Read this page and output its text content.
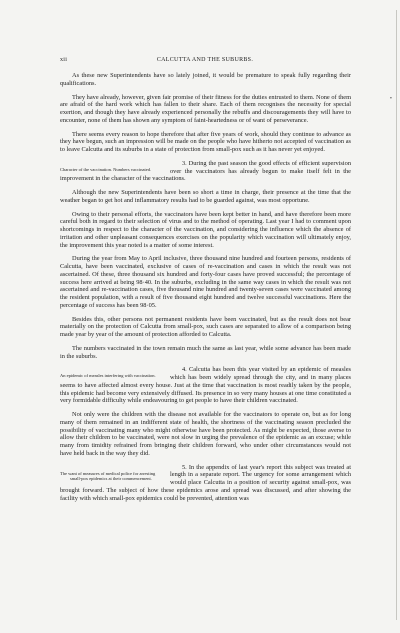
•
xii	CALCUTTA AND THE SUBURBS.

As these new Superintendents have so lately joined, it would be premature to speak fully regarding their qualifications.

They have already, however, given fair promise of their fitness for the duties entrusted to them. None of them are afraid of the hard work which has fallen to their share. Each of them recognises the necessity for special exertion, and though they have already experienced personally the rebuffs and discouragements they will have to encounter, none of them has shown any symptom of faint-heartedness or of want of perseverance.

There seems every reason to hope therefore that after five years of work, should they continue to advance as they have begun, such an impression will be made on the people who have hitherto not accepted of vaccination as to leave Calcutta and its suburbs in a state of protection from small-pox such as it has never yet enjoyed.

Character of the vaccination. Numbers vaccinated.

3. During the past season the good effects of efficient supervision over the vaccinators has already begun to make itself felt in the improvement in the character of the vaccinations.

Although the new Superintendents have been so short a time in charge, their presence at the time that the weather began to get hot and inflammatory results had to be guarded against, was most opportune.

Owing to their personal efforts, the vaccinators have been kept better in hand, and have therefore been more careful both in regard to their selection of virus and to the method of operating. Last year I had to comment upon shortcomings in respect to the character of the vaccination, and considering the influence which the absence of irritation and other unpleasant consequences exercises on the popularity which vaccination will ultimately enjoy, the improvement this year noted is a matter of some interest.

During the year from May to April inclusive, three thousand nine hundred and fourteen persons, residents of Calcutta, have been vaccinated, exclusive of cases of re-vaccination and cases in which the result was not ascertained. Of these, three thousand six hundred and forty-four cases have proved successful; the percentage of success here arrived at being 98·40. In the suburbs, excluding in the same way cases in which the result was not ascertained and re-vaccination cases, five thousand nine hundred and twenty-seven cases were vaccinated among the resident population, with a result of five thousand eight hundred and twelve successful vaccinations. Here the percentage of success has been 98·05.

Besides this, other persons not permanent residents have been vaccinated, but as the result does not bear materially on the protection of Calcutta from small-pox, such cases are separated to allow of a comparison being made year by year of the amount of protection afforded to Calcutta.

The numbers vaccinated in the town remain much the same as last year, while some advance has been made in the suburbs.

An epidemic of measles interfering with vaccination.

4. Calcutta has been this year visited by an epidemic of measles which has been widely spread through the city, and in many places seems to have affected almost every house. Just at the time that vaccination is most readily taken by the people, this epidemic had become very extensively diffused. Its presence in so very many houses at one time constituted a very formidable difficulty while endeavouring to get people to have their children vaccinated.

Not only were the children with the disease not available for the vaccinators to operate on, but as for long many of them remained in an indifferent state of health, the shortness of the vaccinating season precluded the possibility of vaccinating many who might otherwise have been protected. As might be expected, those averse to allow their children to be vaccinated, were not slow in urging the prevalence of the epidemic as an excuse; while many from timidity refrained from bringing their children forward, who under other circumstances would not have held back in the way they did.

The want of measures of medical police for arresting small-pox epidemics at their commencement.

5. In the appendix of last year's report this subject was treated at length in a separate report. The urgency for some arrangement which would place Calcutta in a position of security against small-pox, was brought forward. The subject of how these epidemics arose and spread was discussed, and after showing the facility with which small-pox epidemics could be prevented, attention was
